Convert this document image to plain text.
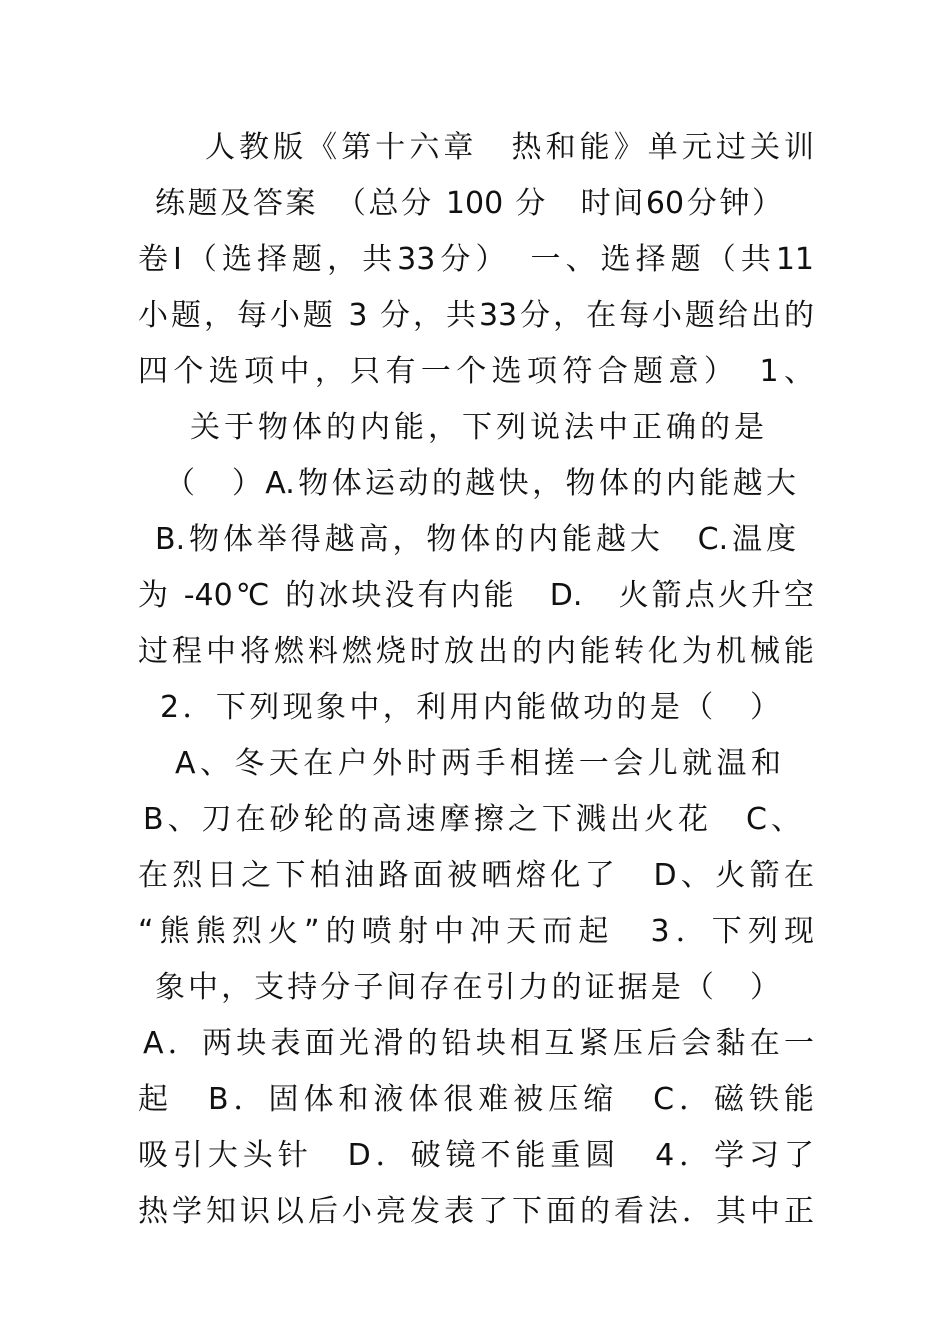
人教版《第十六章　热和能》单元过关训
练题及答案　（总分 100 分　时间60分钟）
卷Ⅰ（选择题，共33分）　一、选择题（共11
小题，每小题 3 分，共33分，在每小题给出的
四个选项中，只有一个选项符合题意）　1、
关于物体的内能，下列说法中正确的是
（　）A.物体运动的越快，物体的内能越大
B.物体举得越高，物体的内能越大　C.温度
为 -40℃ 的冰块没有内能　D.　火箭点火升空
过程中将燃料燃烧时放出的内能转化为机械能
2．下列现象中，利用内能做功的是（　）
A、冬天在户外时两手相搓一会儿就温和
B、刀在砂轮的高速摩擦之下溅出火花　C、
在烈日之下柏油路面被晒熔化了　D、火箭在
“熊熊烈火”的喷射中冲天而起　3．下列现
象中，支持分子间存在引力的证据是（　）
A．两块表面光滑的铅块相互紧压后会黏在一
起　B．固体和液体很难被压缩　C．磁铁能
吸引大头针　D．破镜不能重圆　4．学习了
热学知识以后小亮发表了下面的看法．其中正
